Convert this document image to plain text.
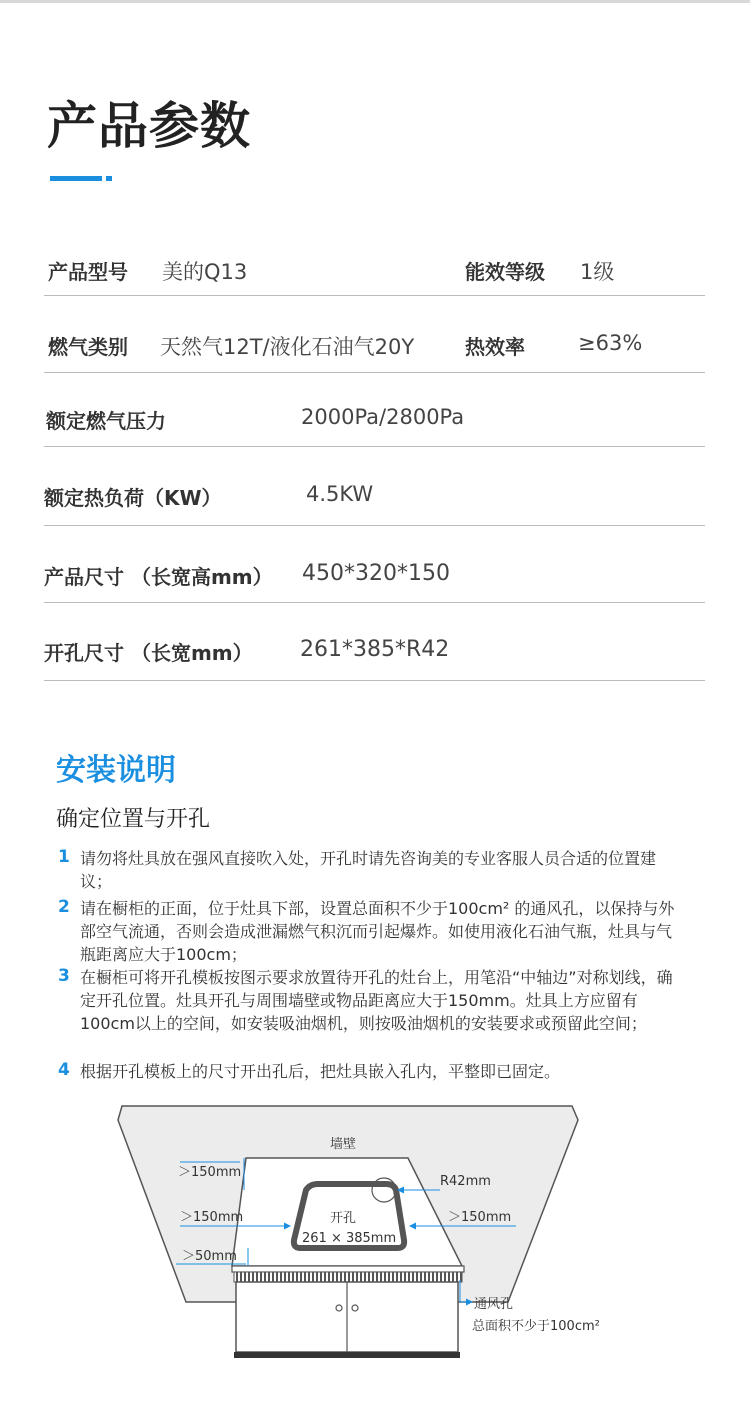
产品参数
产品型号 美的Q13	能效等级 1级
燃气类别 天然气12T/液化石油气20Y	热效率	≥63%
额定燃气压力	2000Pa/2800Pa
额定热负荷（KW）	4.5KW
产品尺寸 （长宽高mm） 450*320*150
开孔尺寸 （长宽mm） 261*385*R42
安装说明
确定位置与开孔
1 请勿将灶具放在强风直接吹入处，开孔时请先咨询美的专业客服人员合适的位置建议；
2 请在橱柜的正面，位于灶具下部，设置总面积不少于100cm² 的通风孔，以保持与外部空气流通，否则会造成泄漏燃气积沉而引起爆炸。如使用液化石油气瓶，灶具与气瓶距离应大于100cm；
3 在橱柜可将开孔模板按图示要求放置待开孔的灶台上，用笔沿“中轴边”对称划线，确定开孔位置。灶具开孔与周围墙壁或物品距离应大于150mm。灶具上方应留有100cm以上的空间，如安装吸油烟机，则按吸油烟机的安装要求或预留此空间；
4 根据开孔模板上的尺寸开出孔后，把灶具嵌入孔内，平整即已固定。
墙壁
开孔
261 × 385mm
＞150mm
＞150mm	＞150mm
R42mm
＞50mm
通风孔
总面积不少于100cm²
